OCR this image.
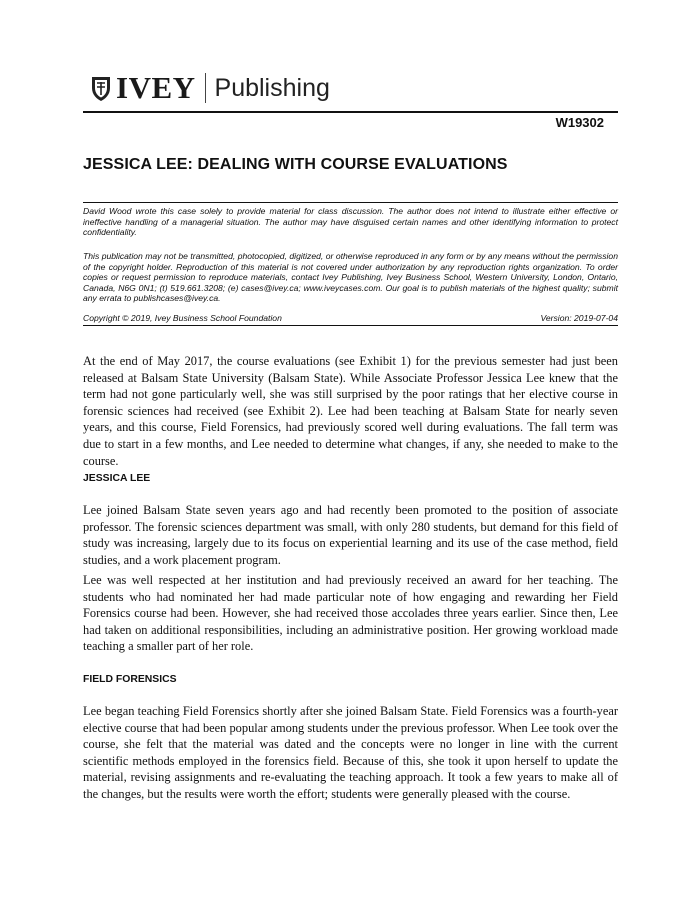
IVEY Publishing
W19302
JESSICA LEE: DEALING WITH COURSE EVALUATIONS

David Wood wrote this case solely to provide material for class discussion. The author does not intend to illustrate either effective or ineffective handling of a managerial situation. The author may have disguised certain names and other identifying information to protect confidentiality.

This publication may not be transmitted, photocopied, digitized, or otherwise reproduced in any form or by any means without the permission of the copyright holder. Reproduction of this material is not covered under authorization by any reproduction rights organization. To order copies or request permission to reproduce materials, contact Ivey Publishing, Ivey Business School, Western University, London, Ontario, Canada, N6G 0N1; (t) 519.661.3208; (e) cases@ivey.ca; www.iveycases.com. Our goal is to publish materials of the highest quality; submit any errata to publishcases@ivey.ca.

Copyright © 2019, Ivey Business School Foundation	Version: 2019-07-04

At the end of May 2017, the course evaluations (see Exhibit 1) for the previous semester had just been released at Balsam State University (Balsam State). While Associate Professor Jessica Lee knew that the term had not gone particularly well, she was still surprised by the poor ratings that her elective course in forensic sciences had received (see Exhibit 2). Lee had been teaching at Balsam State for nearly seven years, and this course, Field Forensics, had previously scored well during evaluations. The fall term was due to start in a few months, and Lee needed to determine what changes, if any, she needed to make to the course.

JESSICA LEE

Lee joined Balsam State seven years ago and had recently been promoted to the position of associate professor. The forensic sciences department was small, with only 280 students, but demand for this field of study was increasing, largely due to its focus on experiential learning and its use of the case method, field studies, and a work placement program.

Lee was well respected at her institution and had previously received an award for her teaching. The students who had nominated her had made particular note of how engaging and rewarding her Field Forensics course had been. However, she had received those accolades three years earlier. Since then, Lee had taken on additional responsibilities, including an administrative position. Her growing workload made teaching a smaller part of her role.

FIELD FORENSICS

Lee began teaching Field Forensics shortly after she joined Balsam State. Field Forensics was a fourth-year elective course that had been popular among students under the previous professor. When Lee took over the course, she felt that the material was dated and the concepts were no longer in line with the current scientific methods employed in the forensics field. Because of this, she took it upon herself to update the material, revising assignments and re-evaluating the teaching approach. It took a few years to make all of the changes, but the results were worth the effort; students were generally pleased with the course.
